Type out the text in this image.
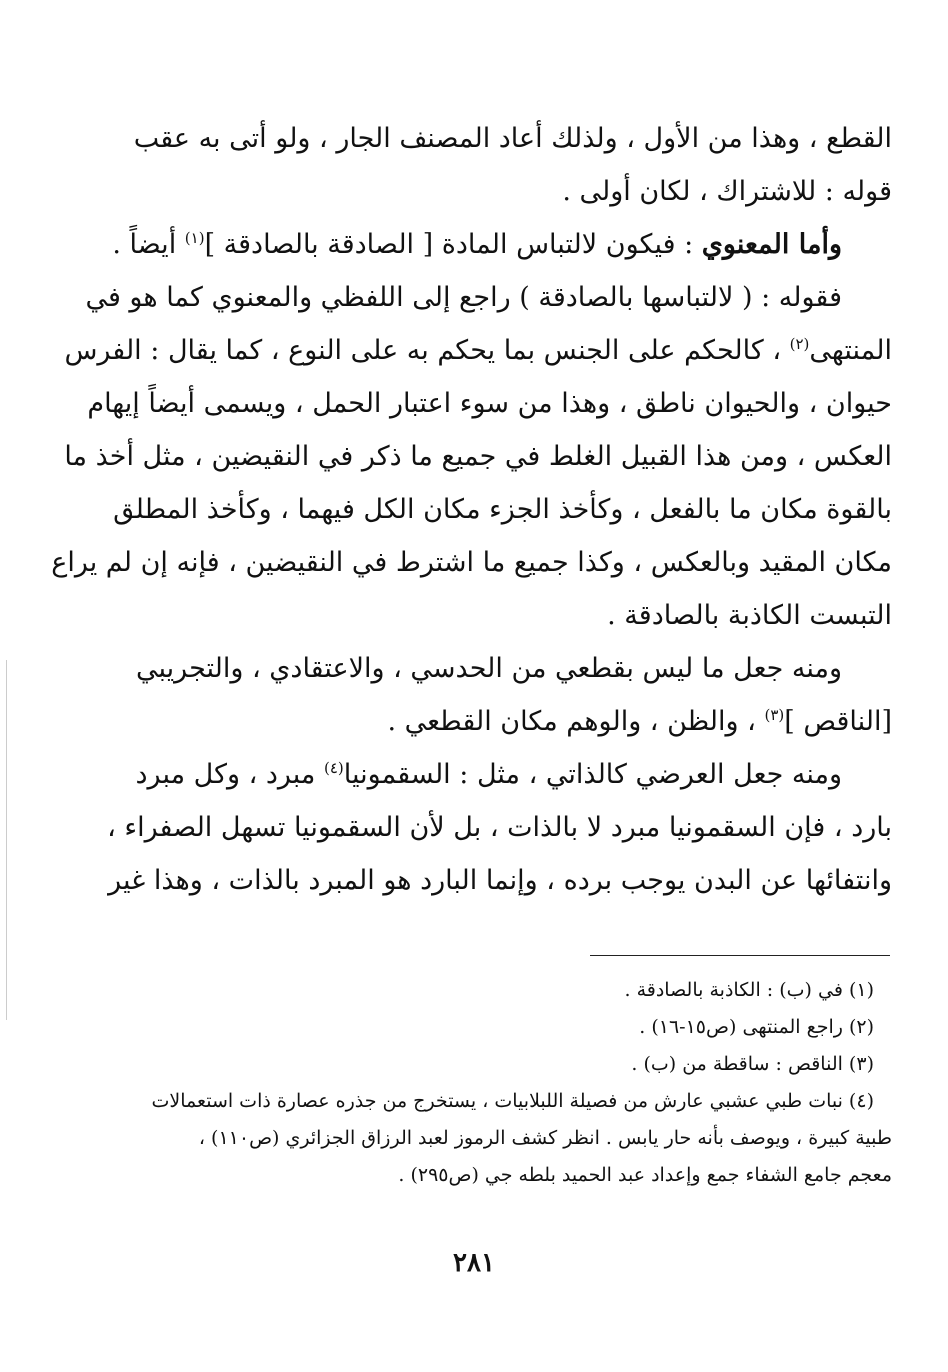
القطع ، وهذا من الأول ، ولذلك أعاد المصنف الجار ، ولو أتى به عقب
قوله : للاشتراك ، لكان أولى .
وأما المعنوي : فيكون لالتباس المادة [ الصادقة بالصادقة ]$^{(١)}$ أيضاً .
فقوله : ( لالتباسها بالصادقة ) راجع إلى اللفظي والمعنوي كما هو في
المنتهى$^{(٢)}$ ، كالحكم على الجنس بما يحكم به على النوع ، كما يقال : الفرس
حيوان ، والحيوان ناطق ، وهذا من سوء اعتبار الحمل ، ويسمى أيضاً إيهام
العكس ، ومن هذا القبيل الغلط في جميع ما ذكر في النقيضين ، مثل أخذ ما
بالقوة مكان ما بالفعل ، وكأخذ الجزء مكان الكل فيهما ، وكأخذ المطلق
مكان المقيد وبالعكس ، وكذا جميع ما اشترط في النقيضين ، فإنه إن لم يراع
التبست الكاذبة بالصادقة .
ومنه جعل ما ليس بقطعي من الحدسي ، والاعتقادي ، والتجريبي
[الناقص ]$^{(٣)}$ ، والظن ، والوهم مكان القطعي .
ومنه جعل العرضي كالذاتي ، مثل : السقمونيا$^{(٤)}$ مبرد ، وكل مبرد
بارد ، فإن السقمونيا مبرد لا بالذات ، بل لأن السقمونيا تسهل الصفراء ،
وانتفائها عن البدن يوجب برده ، وإنما البارد هو المبرد بالذات ، وهذا غير
(١) في (ب) : الكاذبة بالصادقة .
(٢) راجع المنتهى (ص١٥-١٦) .
(٣) الناقص : ساقطة من (ب) .
(٤) نبات طبي عشبي عارش من فصيلة اللبلابيات ، يستخرج من جذره عصارة ذات استعمالات
طبية كبيرة ، ويوصف بأنه حار يابس . انظر كشف الرموز لعبد الرزاق الجزائري (ص١١٠) ،
معجم جامع الشفاء جمع وإعداد عبد الحميد بلطه جي (ص٢٩٥) .
٢٨١
